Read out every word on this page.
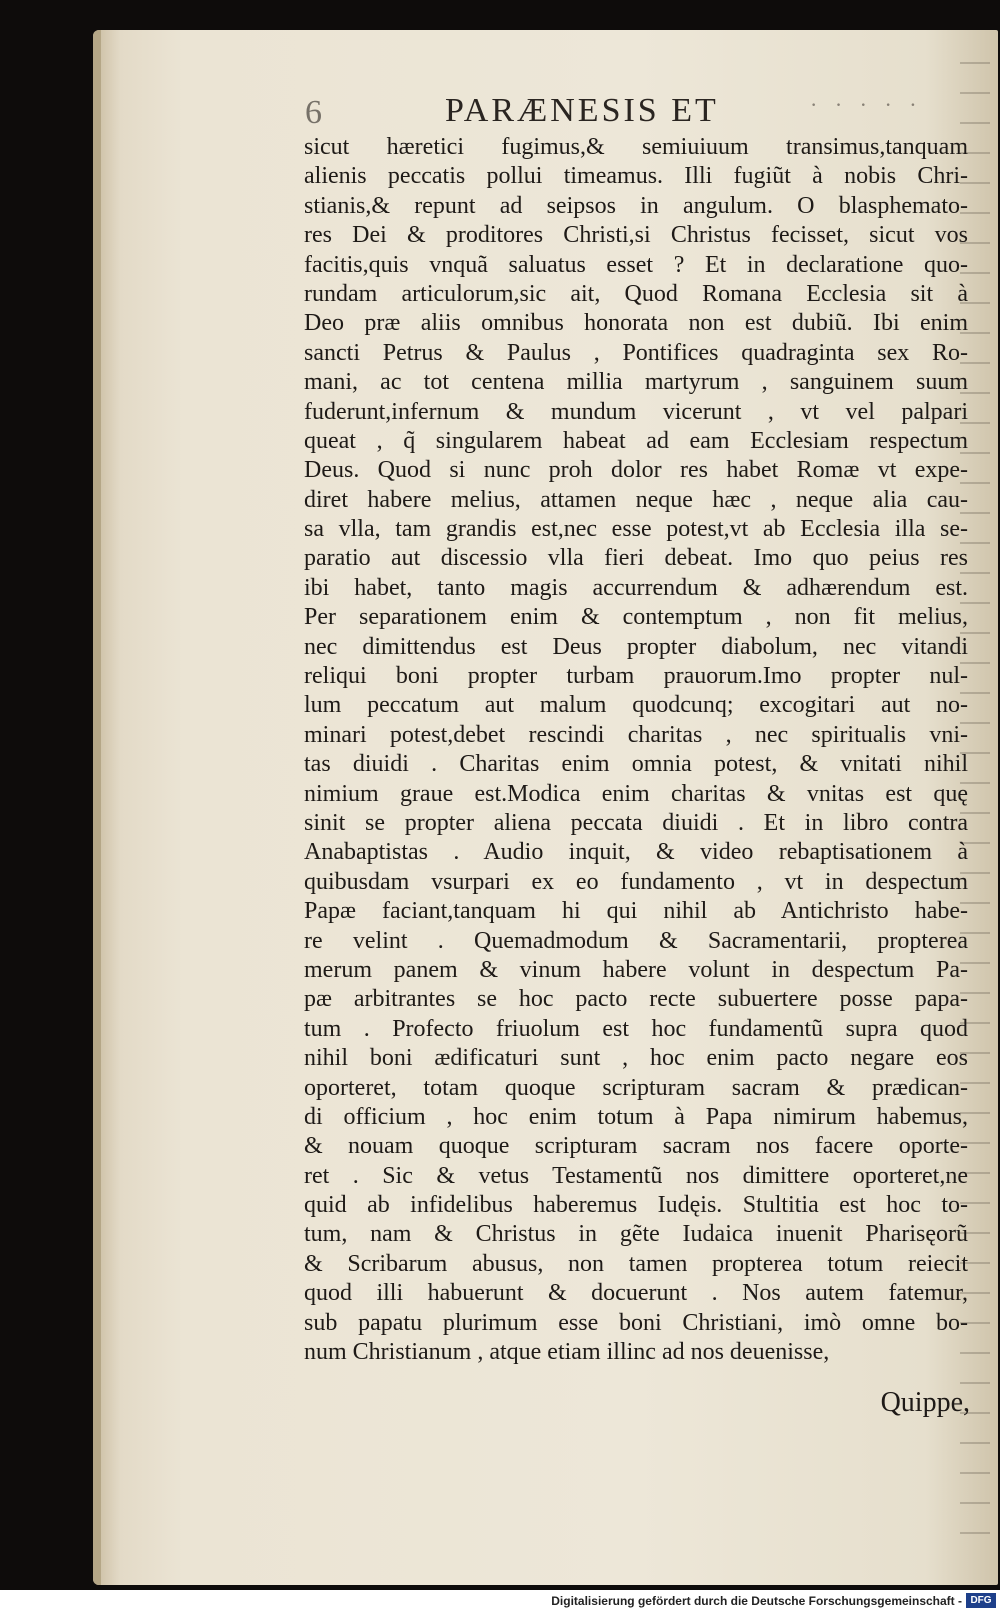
6	PARÆNESIS ET	· · · · ·
sicut hæretici fugimus,& semiuiuum transimus,tanquam
alienis peccatis pollui timeamus. Illi fugiũt à nobis Chri-
stianis,& repunt ad seipsos in angulum. O blasphemato-
res Dei & proditores Christi,si Christus fecisset, sicut vos
facitis,quis vnquã saluatus esset ? Et in declaratione quo-
rundam articulorum,sic ait, Quod Romana Ecclesia sit à
Deo præ aliis omnibus honorata non est dubiũ. Ibi enim
sancti Petrus & Paulus , Pontifices quadraginta sex Ro-
mani, ac tot centena millia martyrum , sanguinem suum
fuderunt,infernum & mundum vicerunt , vt vel palpari
queat , q̃ singularem habeat ad eam Ecclesiam respectum
Deus. Quod si nunc proh dolor res habet Romæ vt expe-
diret habere melius, attamen neque hæc , neque alia cau-
sa vlla, tam grandis est,nec esse potest,vt ab Ecclesia illa se-
paratio aut discessio vlla fieri debeat. Imo quo peius res
ibi habet, tanto magis accurrendum & adhærendum est.
Per separationem enim & contemptum , non fit melius,
nec dimittendus est Deus propter diabolum, nec vitandi
reliqui boni propter turbam prauorum.Imo propter nul-
lum peccatum aut malum quodcunq; excogitari aut no-
minari potest,debet rescindi charitas , nec spiritualis vni-
tas diuidi . Charitas enim omnia potest, & vnitati nihil
nimium graue est.Modica enim charitas & vnitas est quę
sinit se propter aliena peccata diuidi . Et in libro contra
Anabaptistas . Audio inquit, & video rebaptisationem à
quibusdam vsurpari ex eo fundamento , vt in despectum
Papæ faciant,tanquam hi qui nihil ab Antichristo habe-
re velint . Quemadmodum & Sacramentarii, propterea
merum panem & vinum habere volunt in despectum Pa-
pæ arbitrantes se hoc pacto recte subuertere posse papa-
tum . Profecto friuolum est hoc fundamentũ supra quod
nihil boni ædificaturi sunt , hoc enim pacto negare eos
oporteret, totam quoque scripturam sacram & prædican-
di officium , hoc enim totum à Papa nimirum habemus,
& nouam quoque scripturam sacram nos facere oporte-
ret . Sic & vetus Testamentũ nos dimittere oporteret,ne
quid ab infidelibus haberemus Iudęis. Stultitia est hoc to-
tum, nam & Christus in gẽte Iudaica inuenit Pharisęorũ
& Scribarum abusus, non tamen propterea totum reiecit
quod illi habuerunt & docuerunt . Nos autem fatemur,
sub papatu plurimum esse boni Christiani, imò omne bo-
num Christianum , atque etiam illinc ad nos deuenisse,
Quippe,
Digitalisierung gefördert durch die Deutsche Forschungsgemeinschaft - DFG
